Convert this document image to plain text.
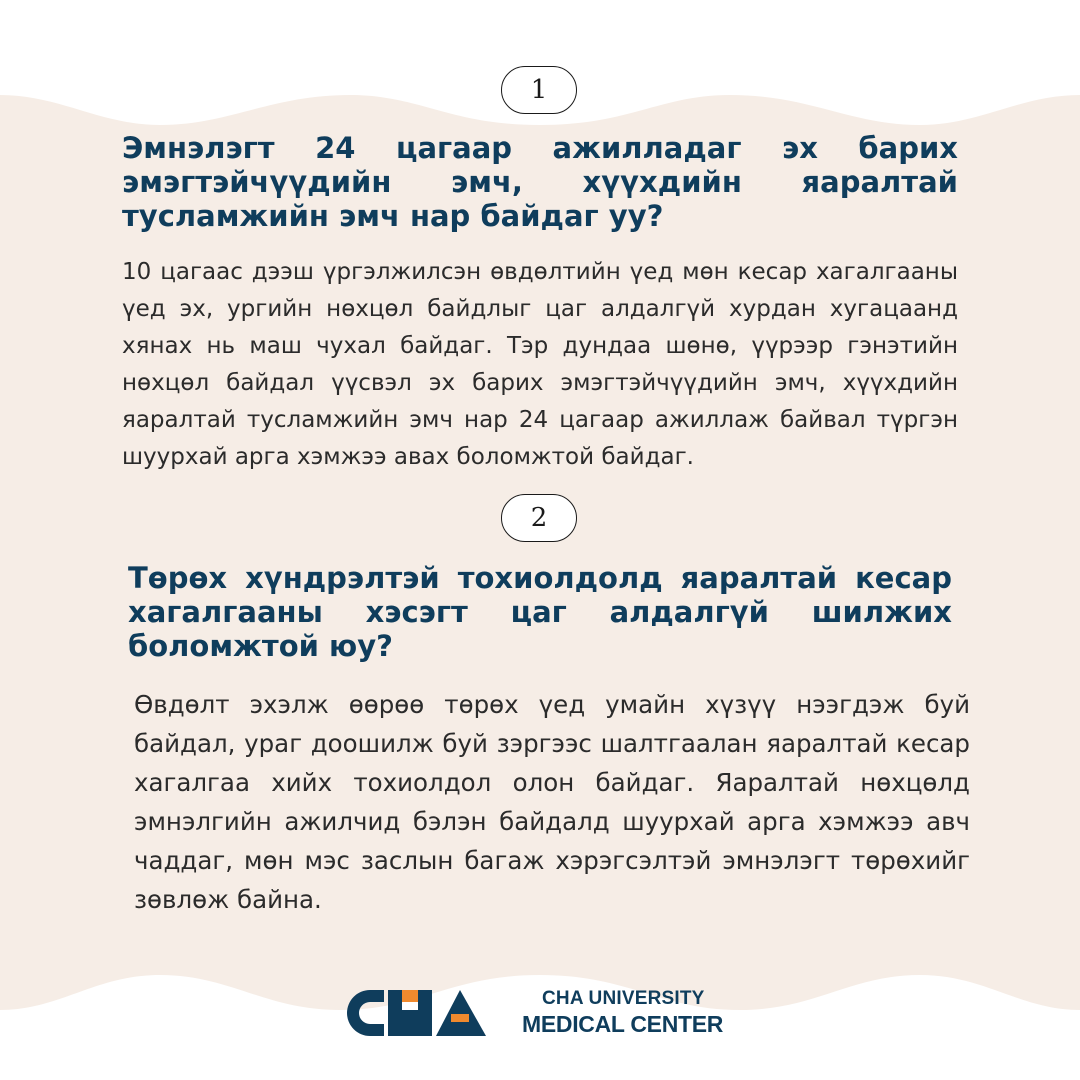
1
Эмнэлэгт 24 цагаар ажилладаг эх барих эмэгтэйчүүдийн эмч, хүүхдийн яаралтай тусламжийн эмч нар байдаг уу?

10 цагаас дээш үргэлжилсэн өвдөлтийн үед мөн кесар хагалгааны үед эх, ургийн нөхцөл байдлыг цаг алдалгүй хурдан хугацаанд хянах нь маш чухал байдаг. Тэр дундаа шөнө, үүрээр гэнэтийн нөхцөл байдал үүсвэл эх барих эмэгтэйчүүдийн эмч, хүүхдийн яаралтай тусламжийн эмч нар 24 цагаар ажиллаж байвал түргэн шуурхай арга хэмжээ авах боломжтой байдаг.

2
Төрөх хүндрэлтэй тохиолдолд яаралтай кесар хагалгааны хэсэгт цаг алдалгүй шилжих боломжтой юу?

Өвдөлт эхэлж өөрөө төрөх үед умайн хүзүү нээгдэж буй байдал, ураг доошилж буй зэргээс шалтгаалан яаралтай кесар хагалгаа хийх тохиолдол олон байдаг. Яаралтай нөхцөлд эмнэлгийн ажилчид бэлэн байдалд шуурхай арга хэмжээ авч чаддаг, мөн мэс заслын багаж хэрэгсэлтэй эмнэлэгт төрөхийг зөвлөж байна.

CHA UNIVERSITY
MEDICAL CENTER
